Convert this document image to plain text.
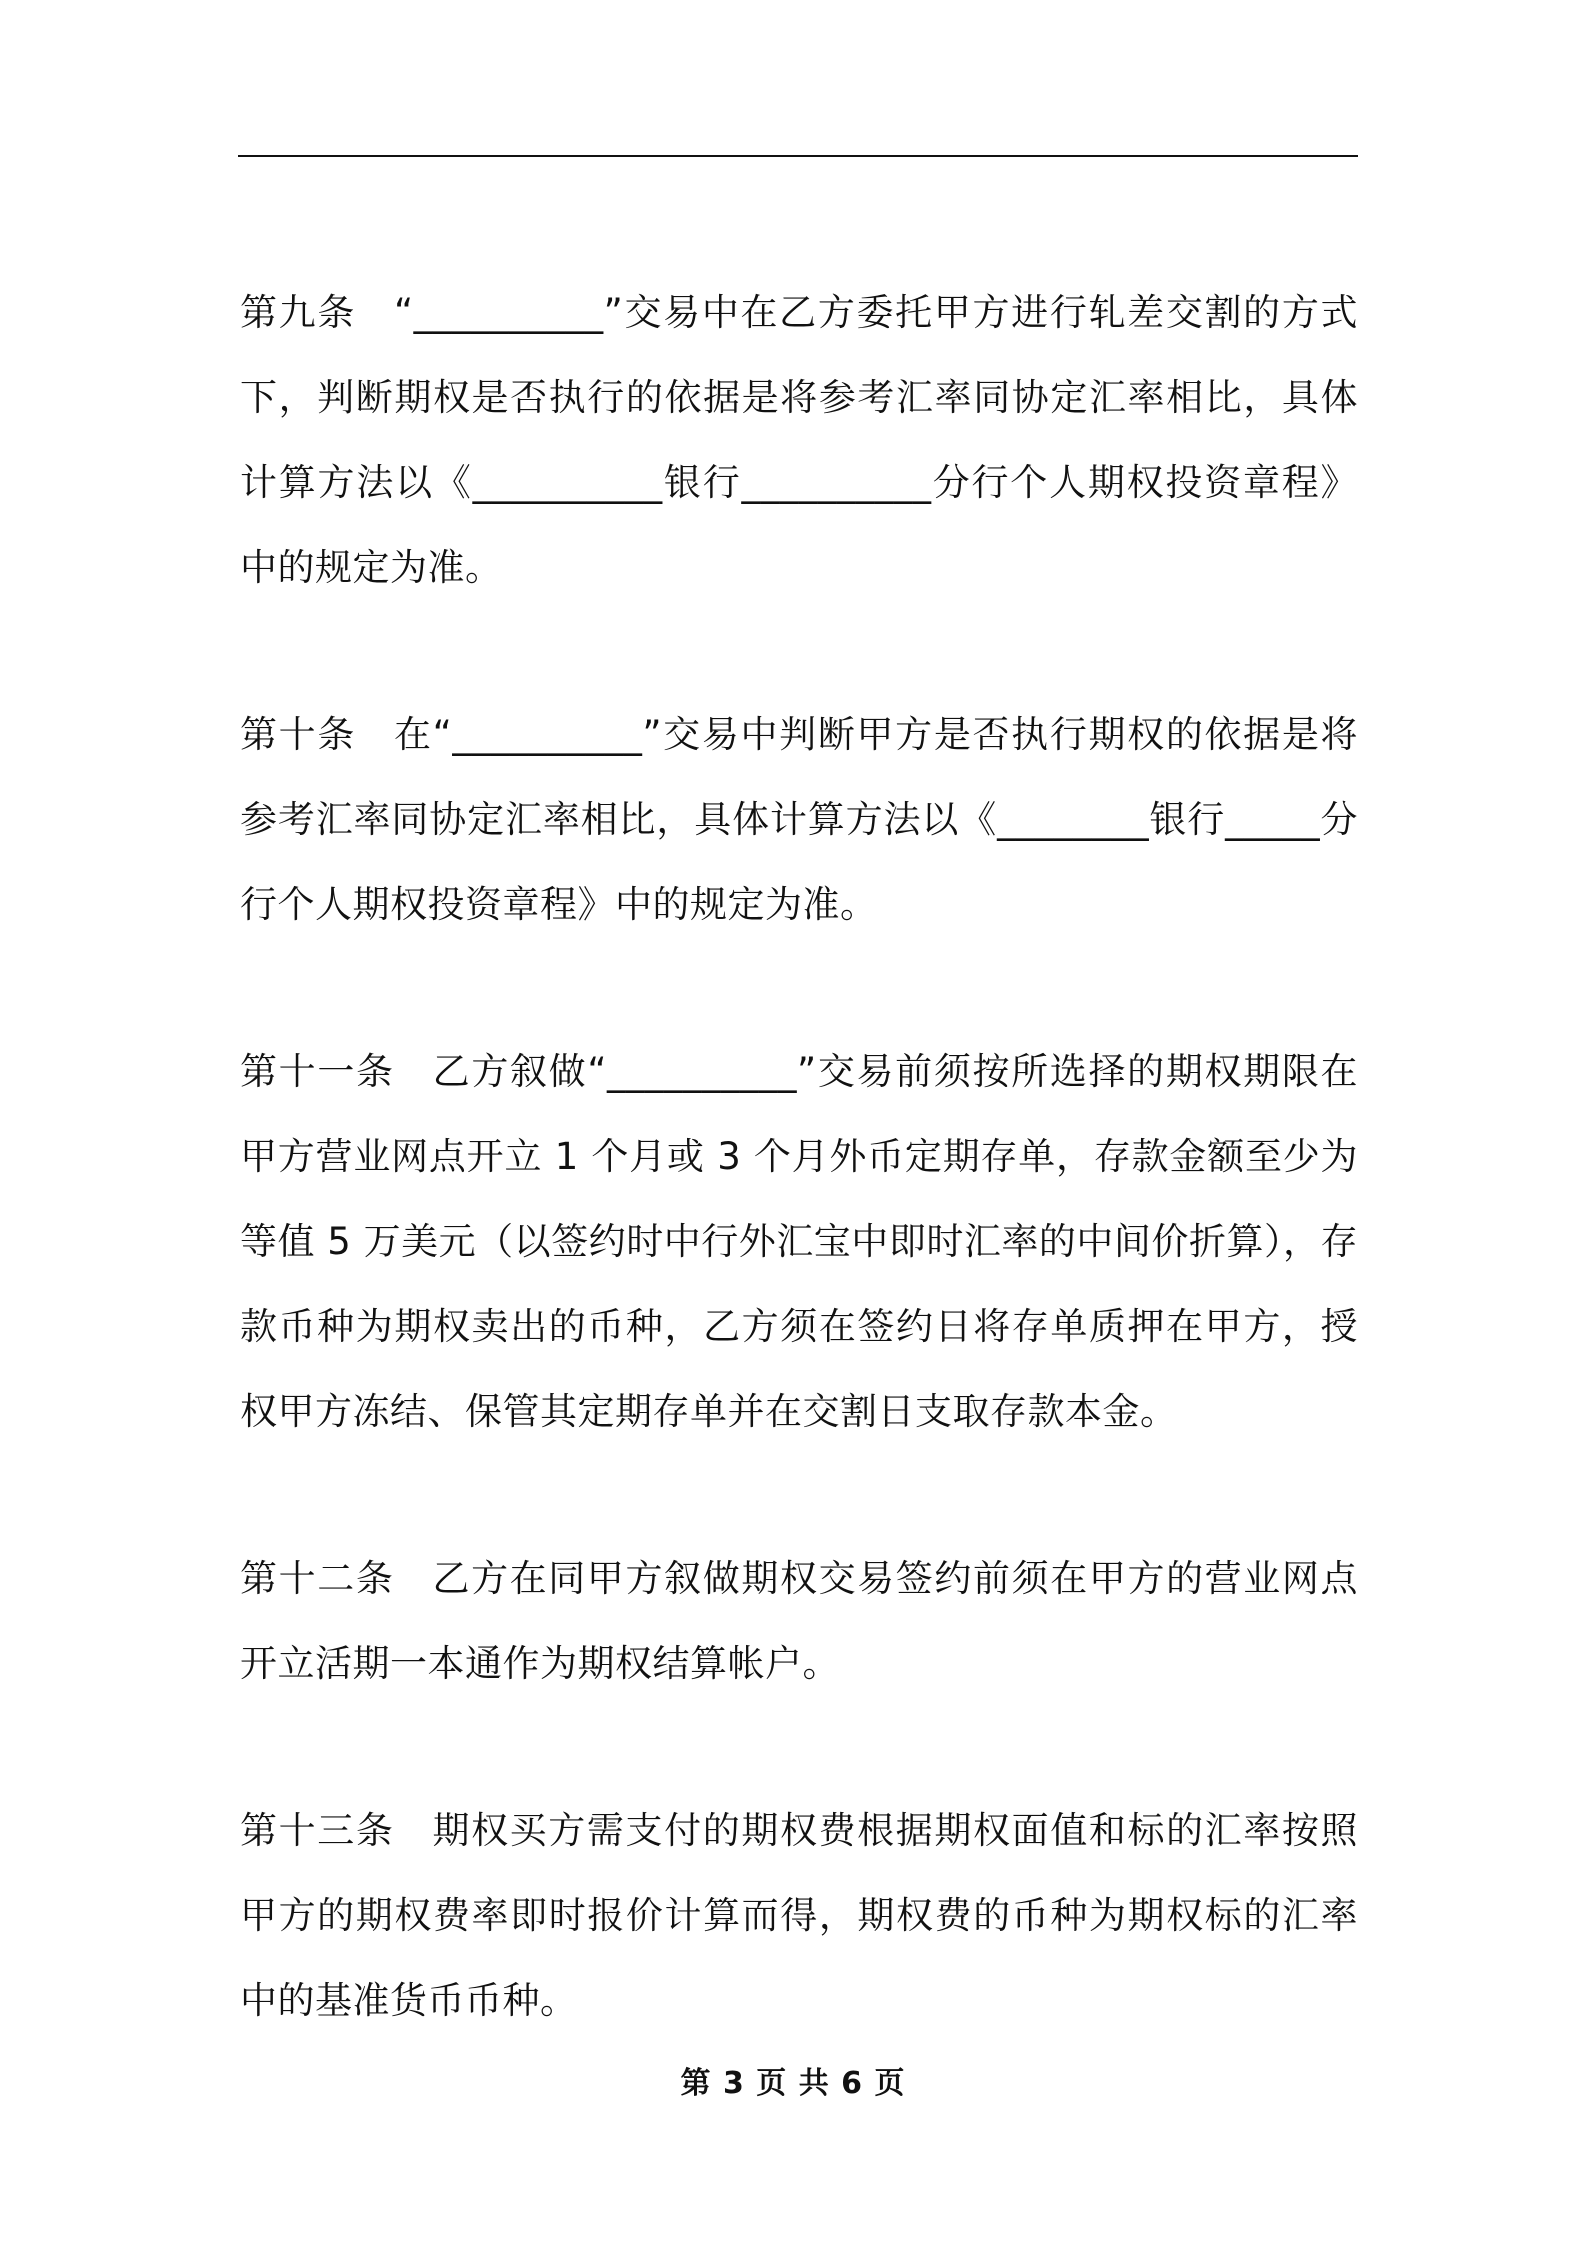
第九条 “__________”交易中在乙方委托甲方进行轧差交割的方式下，判断期权是否执行的依据是将参考汇率同协定汇率相比，具体计算方法以《__________银行__________分行个人期权投资章程》中的规定为准。

第十条 在“__________”交易中判断甲方是否执行期权的依据是将参考汇率同协定汇率相比，具体计算方法以《________银行_____分行个人期权投资章程》中的规定为准。

第十一条 乙方叙做“__________”交易前须按所选择的期权期限在甲方营业网点开立 1 个月或 3 个月外币定期存单，存款金额至少为等值 5 万美元（以签约时中行外汇宝中即时汇率的中间价折算），存款币种为期权卖出的币种，乙方须在签约日将存单质押在甲方，授权甲方冻结、保管其定期存单并在交割日支取存款本金。

第十二条 乙方在同甲方叙做期权交易签约前须在甲方的营业网点开立活期一本通作为期权结算帐户。

第十三条 期权买方需支付的期权费根据期权面值和标的汇率按照甲方的期权费率即时报价计算而得，期权费的币种为期权标的汇率中的基准货币币种。

第 3 页 共 6 页
